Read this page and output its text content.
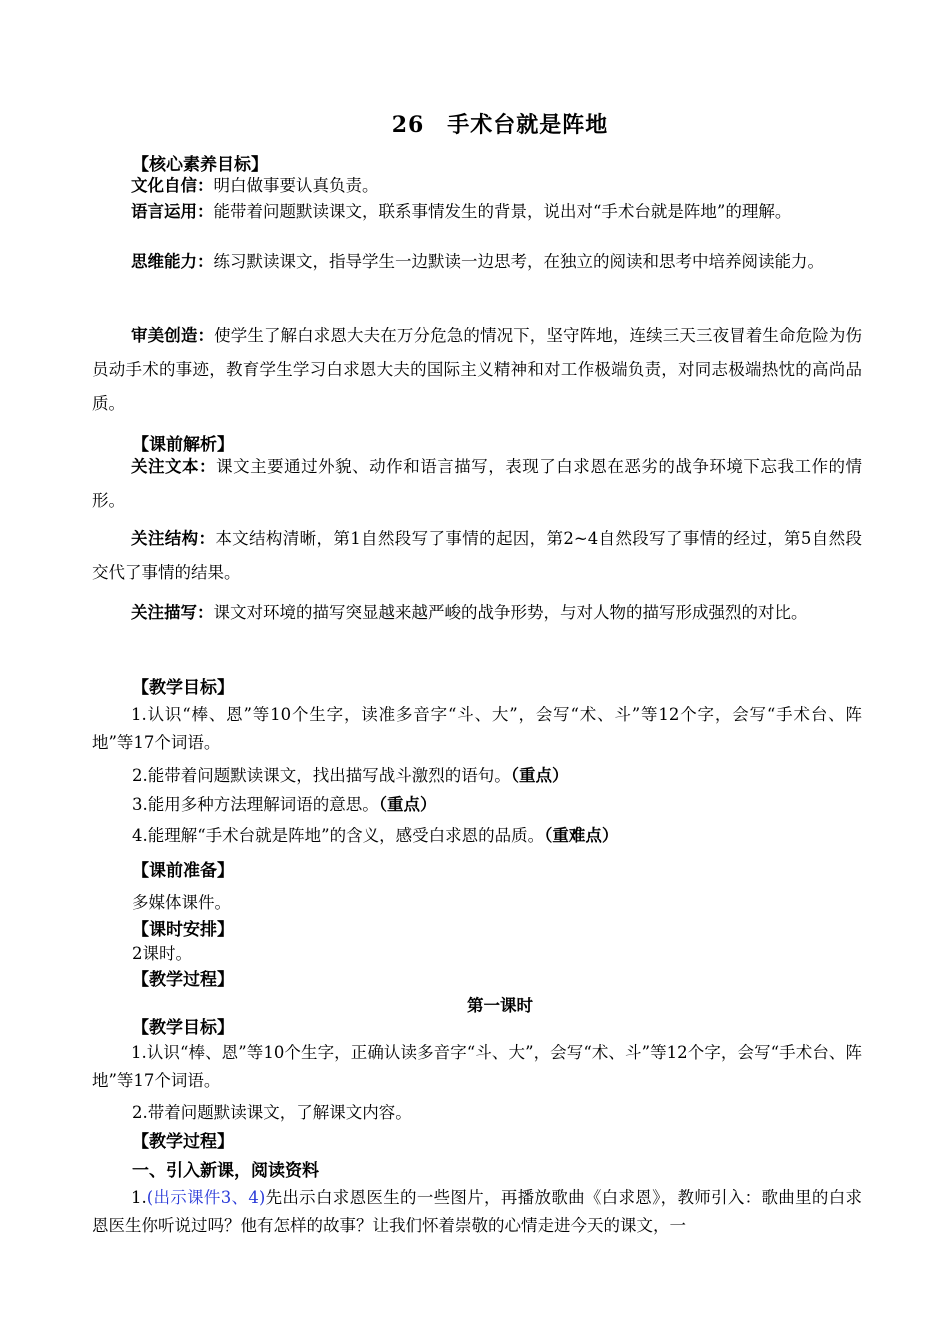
26　手术台就是阵地
【核心素养目标】
文化自信：明白做事要认真负责。
语言运用：能带着问题默读课文，联系事情发生的背景，说出对“手术台就是阵地”的理解。
思维能力：练习默读课文，指导学生一边默读一边思考，在独立的阅读和思考中培养阅读能力。
审美创造：使学生了解白求恩大夫在万分危急的情况下，坚守阵地，连续三天三夜冒着生命危险为伤员动手术的事迹，教育学生学习白求恩大夫的国际主义精神和对工作极端负责，对同志极端热忱的高尚品质。
【课前解析】
关注文本：课文主要通过外貌、动作和语言描写，表现了白求恩在恶劣的战争环境下忘我工作的情形。
关注结构：本文结构清晰，第1自然段写了事情的起因，第2~4自然段写了事情的经过，第5自然段交代了事情的结果。
关注描写：课文对环境的描写突显越来越严峻的战争形势，与对人物的描写形成强烈的对比。
【教学目标】
1.认识“棒、恩”等10个生字，读准多音字“斗、大”，会写“术、斗”等12个字，会写“手术台、阵地”等17个词语。
2.能带着问题默读课文，找出描写战斗激烈的语句。（重点）
3.能用多种方法理解词语的意思。（重点）
4.能理解“手术台就是阵地”的含义，感受白求恩的品质。（重难点）
【课前准备】
多媒体课件。
【课时安排】
2课时。
【教学过程】
第一课时
【教学目标】
1.认识“棒、恩”等10个生字，正确认读多音字“斗、大”，会写“术、斗”等12个字，会写“手术台、阵地”等17个词语。
2.带着问题默读课文，了解课文内容。
【教学过程】
一、引入新课，阅读资料
1.(出示课件3、4)先出示白求恩医生的一些图片，再播放歌曲《白求恩》，教师引入：歌曲里的白求恩医生你听说过吗？他有怎样的故事？让我们怀着崇敬的心情走进今天的课文，一
